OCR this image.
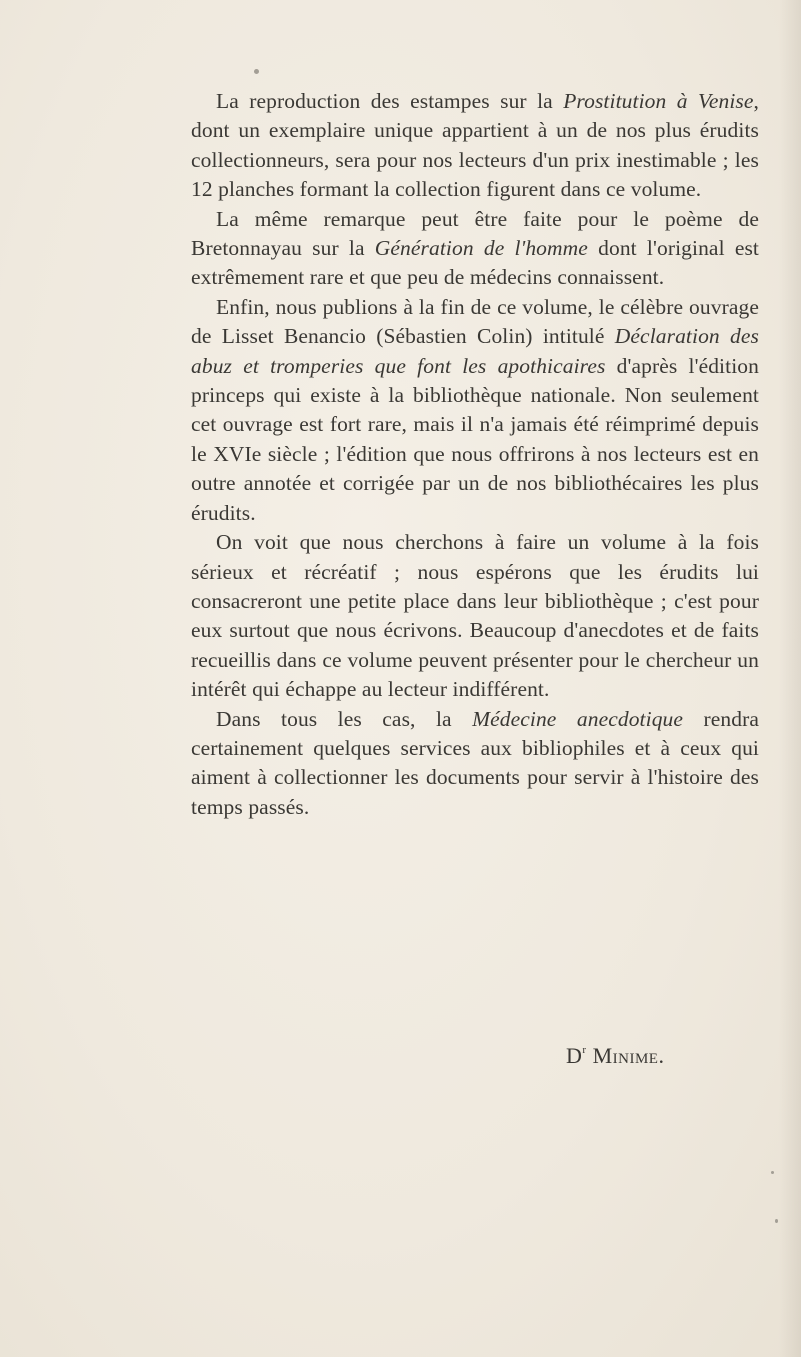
La reproduction des estampes sur la Prostitution à Venise, dont un exemplaire unique appartient à un de nos plus érudits collectionneurs, sera pour nos lecteurs d'un prix inestimable ; les 12 planches formant la collection figurent dans ce volume.

La même remarque peut être faite pour le poème de Bretonnayau sur la Génération de l'homme dont l'original est extrêmement rare et que peu de médecins connaissent.

Enfin, nous publions à la fin de ce volume, le célèbre ouvrage de Lisset Benancio (Sébastien Colin) intitulé Déclaration des abuz et tromperies que font les apothicaires d'après l'édition princeps qui existe à la bibliothèque nationale. Non seulement cet ouvrage est fort rare, mais il n'a jamais été réimprimé depuis le XVIe siècle ; l'édition que nous offrirons à nos lecteurs est en outre annotée et corrigée par un de nos bibliothécaires les plus érudits.

On voit que nous cherchons à faire un volume à la fois sérieux et récréatif ; nous espérons que les érudits lui consacreront une petite place dans leur bibliothèque ; c'est pour eux surtout que nous écrivons. Beaucoup d'anecdotes et de faits recueillis dans ce volume peuvent présenter pour le chercheur un intérêt qui échappe au lecteur indifférent.

Dans tous les cas, la Médecine anecdotique rendra certainement quelques services aux bibliophiles et à ceux qui aiment à collectionner les documents pour servir à l'histoire des temps passés.

$D^r$ Minime.
